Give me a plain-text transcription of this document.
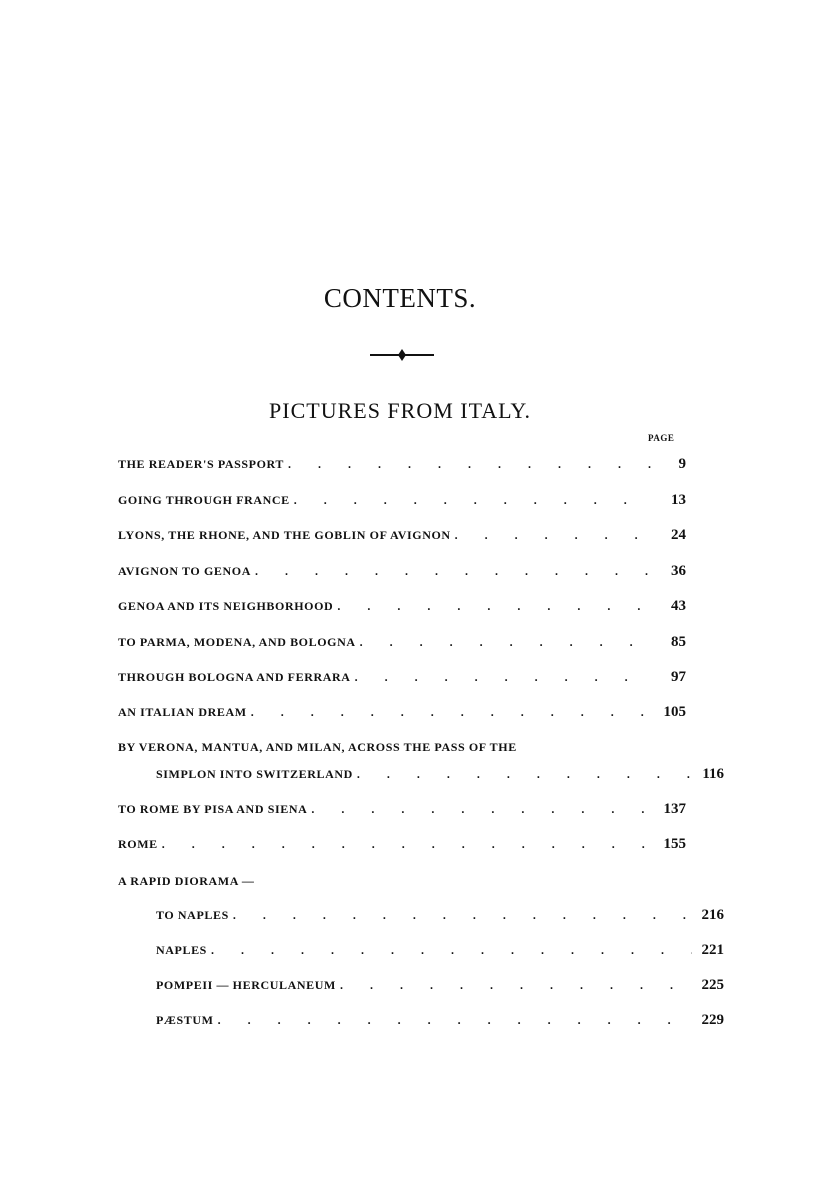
CONTENTS.
PICTURES FROM ITALY.
PAGE
THE READER'S PASSPORT . . .	9
GOING THROUGH FRANCE . . .	13
LYONS, THE RHONE, AND THE GOBLIN OF AVIGNON . . .	24
AVIGNON TO GENOA . . .	36
GENOA AND ITS NEIGHBORHOOD . . .	43
TO PARMA, MODENA, AND BOLOGNA . . .	85
THROUGH BOLOGNA AND FERRARA . . .	97
AN ITALIAN DREAM . . .	105
BY VERONA, MANTUA, AND MILAN, ACROSS THE PASS OF THE
SIMPLON INTO SWITZERLAND . . .	116
TO ROME BY PISA AND SIENA . . .	137
ROME . . .	155
A RAPID DIORAMA —
TO NAPLES . . .	216
NAPLES . . .	221
POMPEII — HERCULANEUM . . .	225
PÆSTUM . . .	229
